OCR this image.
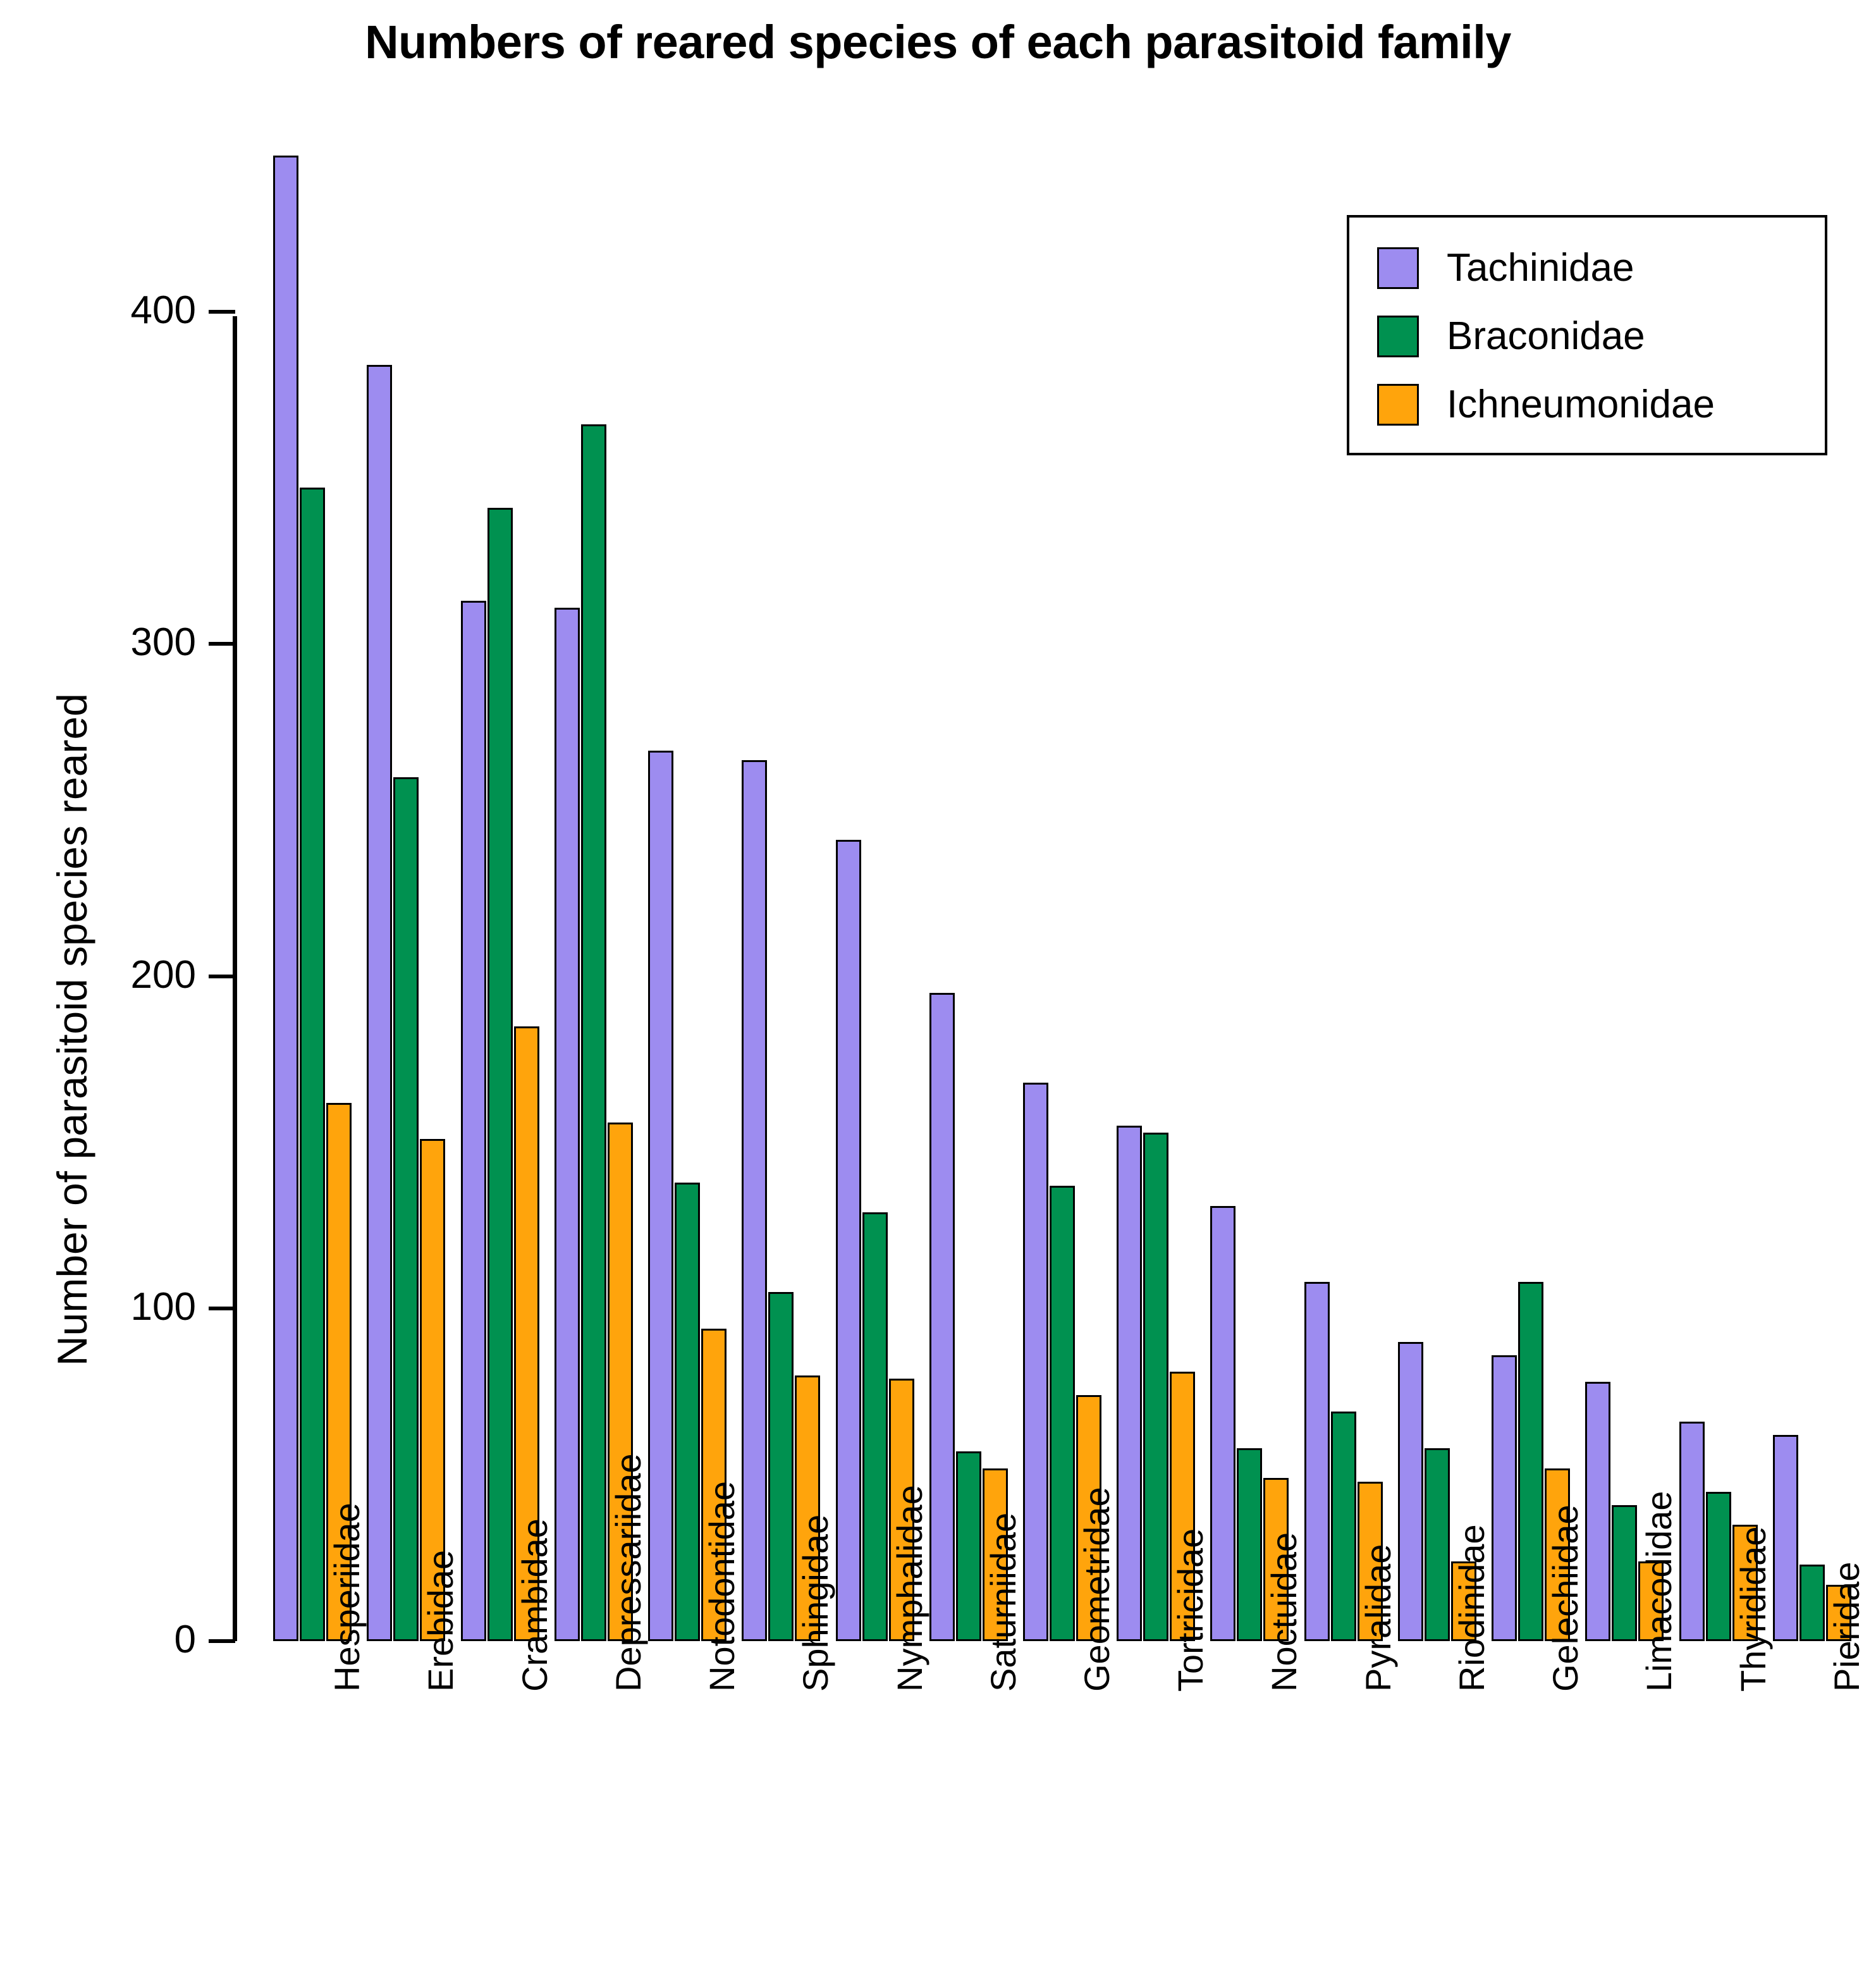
Numbers of reared species of each parasitoid family
Number of parasitoid species reared
0
100
200
300
400
Hesperiidae Erebidae Crambidae Depressariidae Notodontidae Sphingidae Nymphalidae Saturniidae Geometridae Tortricidae Noctuidae Pyralidae Riodinidae Gelechiidae Limacodidae Thyrididae Pieridae
Tachinidae
Braconidae
Ichneumonidae
